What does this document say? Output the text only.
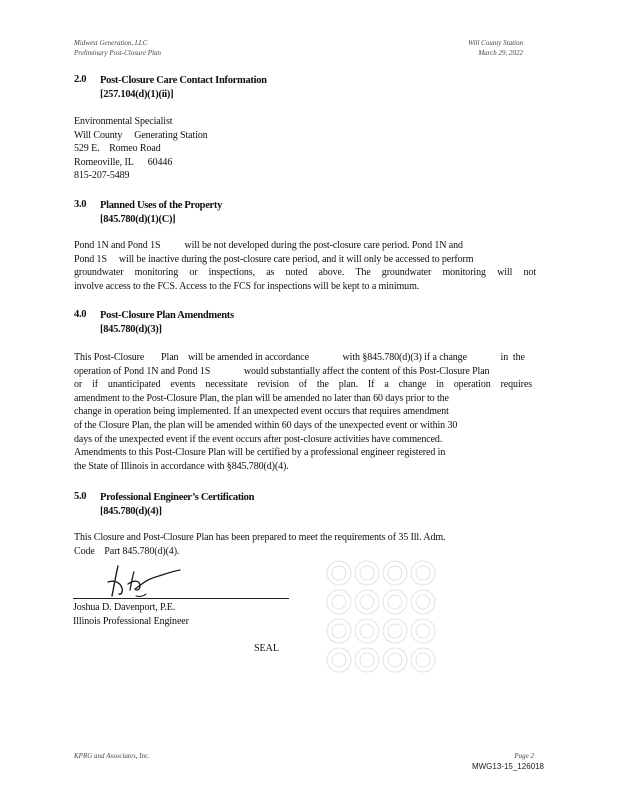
Midwest Generation, LLC
Preliminary Post-Closure Plan
Will County Station
March 29, 2022
2.0 Post-Closure Care Contact Information
[257.104(d)(1)(ii)]
Environmental Specialist
Will County     Generating Station
529 E.    Romeo Road
Romeoville, IL      60446
815-207-5489
3.0 Planned Uses of the Property
[845.780(d)(1)(C)]
Pond 1N and Pond 1S          will be not developed during the post-closure care period. Pond 1N and
Pond 1S     will be inactive during the post-closure care period, and it will only be accessed to perform
groundwater monitoring or inspections, as noted above. The groundwater monitoring will not
involve access to the FCS. Access to the FCS for inspections will be kept to a minimum.
4.0 Post-Closure Plan Amendments
[845.780(d)(3)]
This Post-Closure       Plan    will be amended in accordance              with §845.780(d)(3) if a change              in  the
operation of Pond 1N and Pond 1S              would substantially affect the content of this Post-Closure Plan
or if unanticipated events necessitate revision of the plan. If a change in operation requires
amendment to the Post-Closure Plan, the plan will be amended no later than 60 days prior to the
change in operation being implemented. If an unexpected event occurs that requires amendment
of the Closure Plan, the plan will be amended within 60 days of the unexpected event or within 30
days of the unexpected event if the event occurs after post-closure activities have commenced.
Amendments to this Post-Closure Plan will be certified by a professional engineer registered in
the State of Illinois in accordance with §845.780(d)(4).
5.0 Professional Engineer’s Certification
[845.780(d)(4)]
This Closure and Post-Closure Plan has been prepared to meet the requirements of 35 Ill. Adm.
Code    Part 845.780(d)(4).
Joshua D. Davenport, P.E.
Illinois Professional Engineer
SEAL
KPRG and Associates, Inc.	Page 2
MWG13-15_126018
